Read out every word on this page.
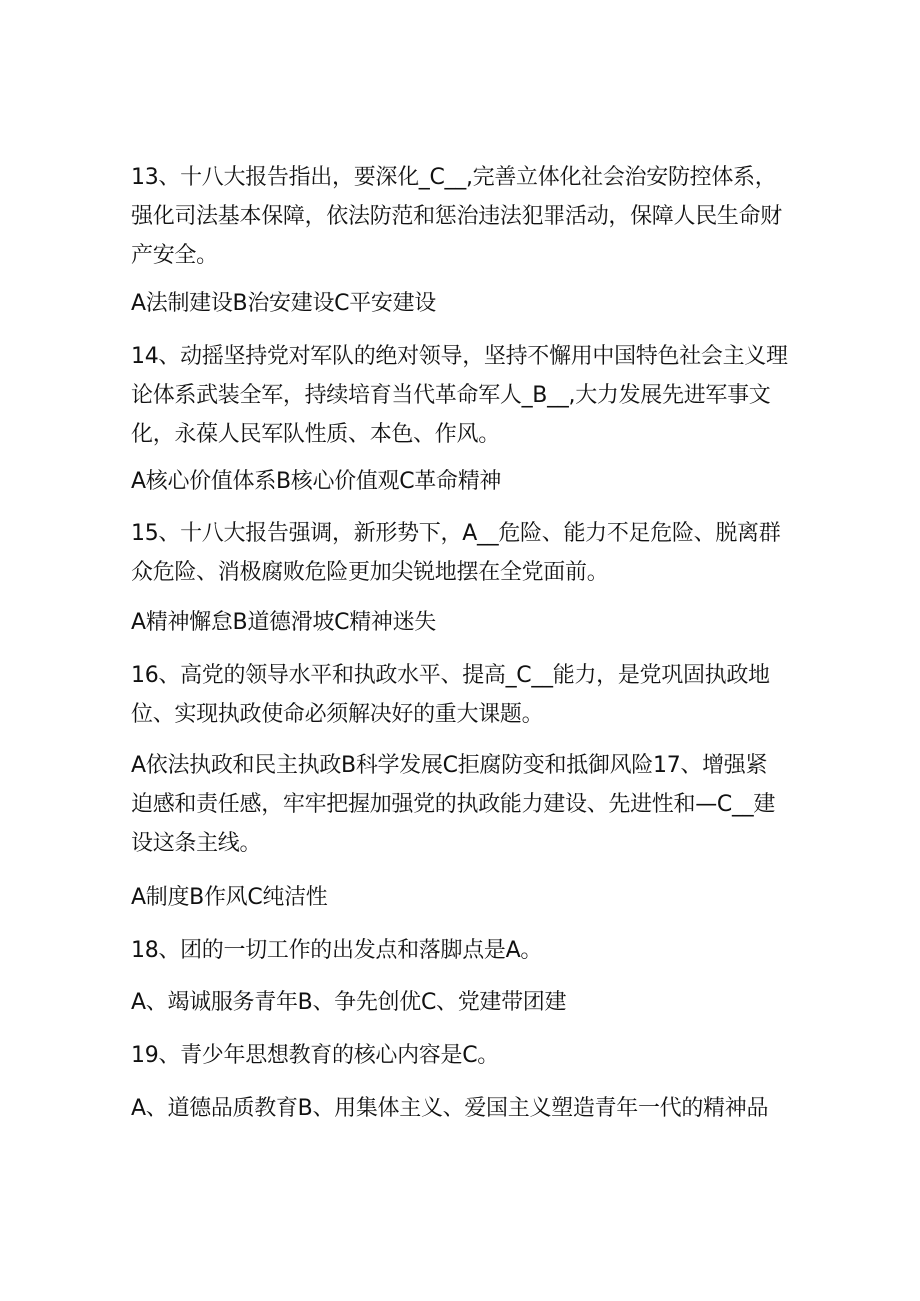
13、十八大报告指出，要深化_C__,完善立体化社会治安防控体系，
强化司法基本保障，依法防范和惩治违法犯罪活动，保障人民生命财
产安全。

A法制建设B治安建设C平安建设

14、动摇坚持党对军队的绝对领导，坚持不懈用中国特色社会主义理
论体系武装全军，持续培育当代革命军人_B__,大力发展先进军事文
化，永葆人民军队性质、本色、作风。

A核心价值体系B核心价值观C革命精神

15、十八大报告强调，新形势下，A__危险、能力不足危险、脱离群
众危险、消极腐败危险更加尖锐地摆在全党面前。

A精神懈怠B道德滑坡C精神迷失

16、高党的领导水平和执政水平、提高_C__能力，是党巩固执政地
位、实现执政使命必须解决好的重大课题。

A依法执政和民主执政B科学发展C拒腐防变和抵御风险17、增强紧
迫感和责任感，牢牢把握加强党的执政能力建设、先进性和—C__建
设这条主线。

A制度B作风C纯洁性

18、团的一切工作的出发点和落脚点是A。

A、竭诚服务青年B、争先创优C、党建带团建

19、青少年思想教育的核心内容是C。

A、道德品质教育B、用集体主义、爱国主义塑造青年一代的精神品
